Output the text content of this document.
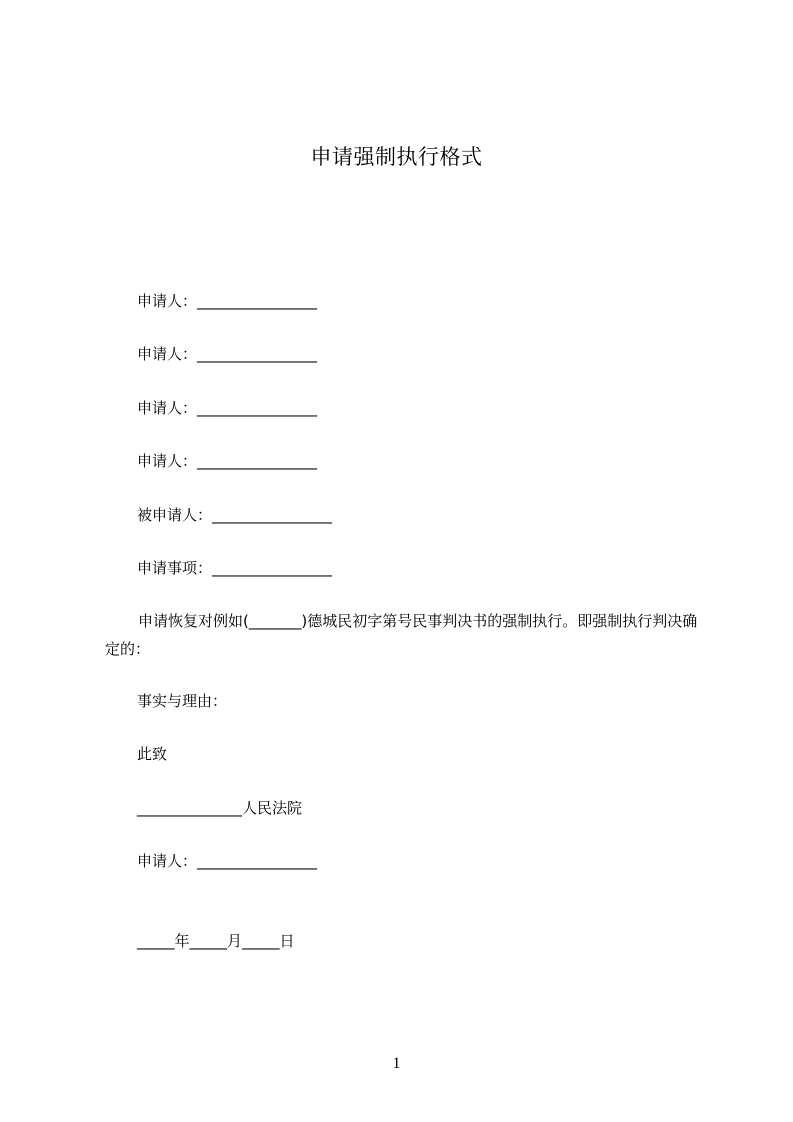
申请强制执行格式
申请人：________________
申请人：________________
申请人：________________
申请人：________________
被申请人：________________
申请事项：________________
申请恢复对例如(_______)德城民初字第号民事判决书的强制执行。即强制执行判决确定的：
事实与理由：
此致
______________人民法院
申请人：________________
_____年_____月_____日
1
